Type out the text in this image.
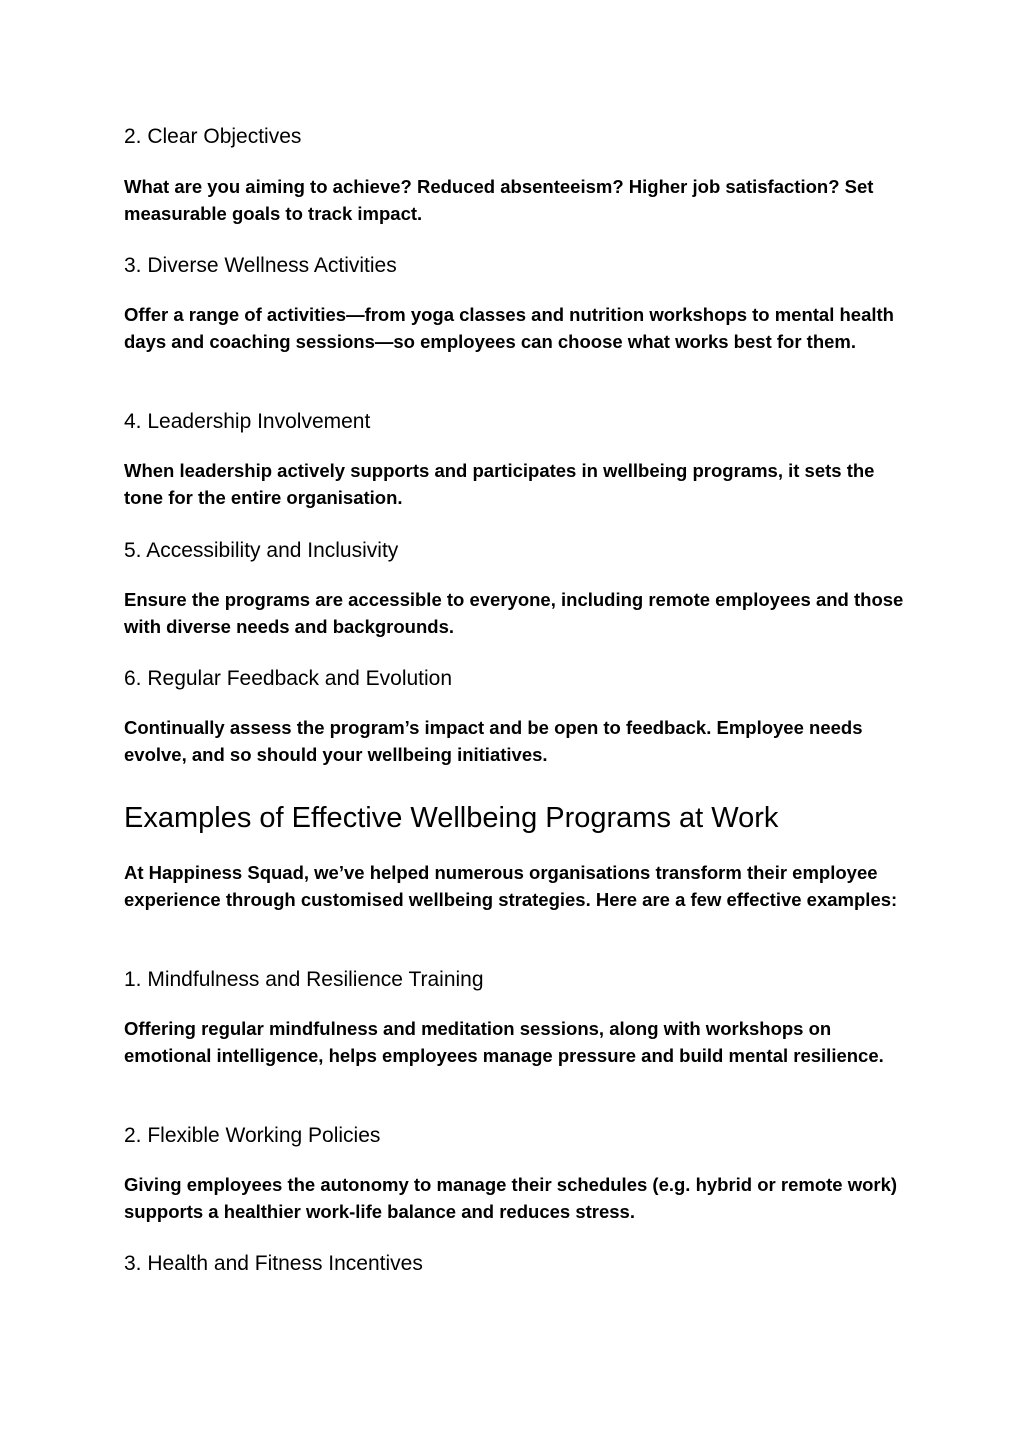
2. Clear Objectives

What are you aiming to achieve? Reduced absenteeism? Higher job satisfaction? Set measurable goals to track impact.

3. Diverse Wellness Activities

Offer a range of activities—from yoga classes and nutrition workshops to mental health days and coaching sessions—so employees can choose what works best for them.

4. Leadership Involvement

When leadership actively supports and participates in wellbeing programs, it sets the tone for the entire organisation.

5. Accessibility and Inclusivity

Ensure the programs are accessible to everyone, including remote employees and those with diverse needs and backgrounds.

6. Regular Feedback and Evolution

Continually assess the program’s impact and be open to feedback. Employee needs evolve, and so should your wellbeing initiatives.

Examples of Effective Wellbeing Programs at Work

At Happiness Squad, we’ve helped numerous organisations transform their employee experience through customised wellbeing strategies. Here are a few effective examples:

1. Mindfulness and Resilience Training

Offering regular mindfulness and meditation sessions, along with workshops on emotional intelligence, helps employees manage pressure and build mental resilience.

2. Flexible Working Policies

Giving employees the autonomy to manage their schedules (e.g. hybrid or remote work) supports a healthier work-life balance and reduces stress.

3. Health and Fitness Incentives
